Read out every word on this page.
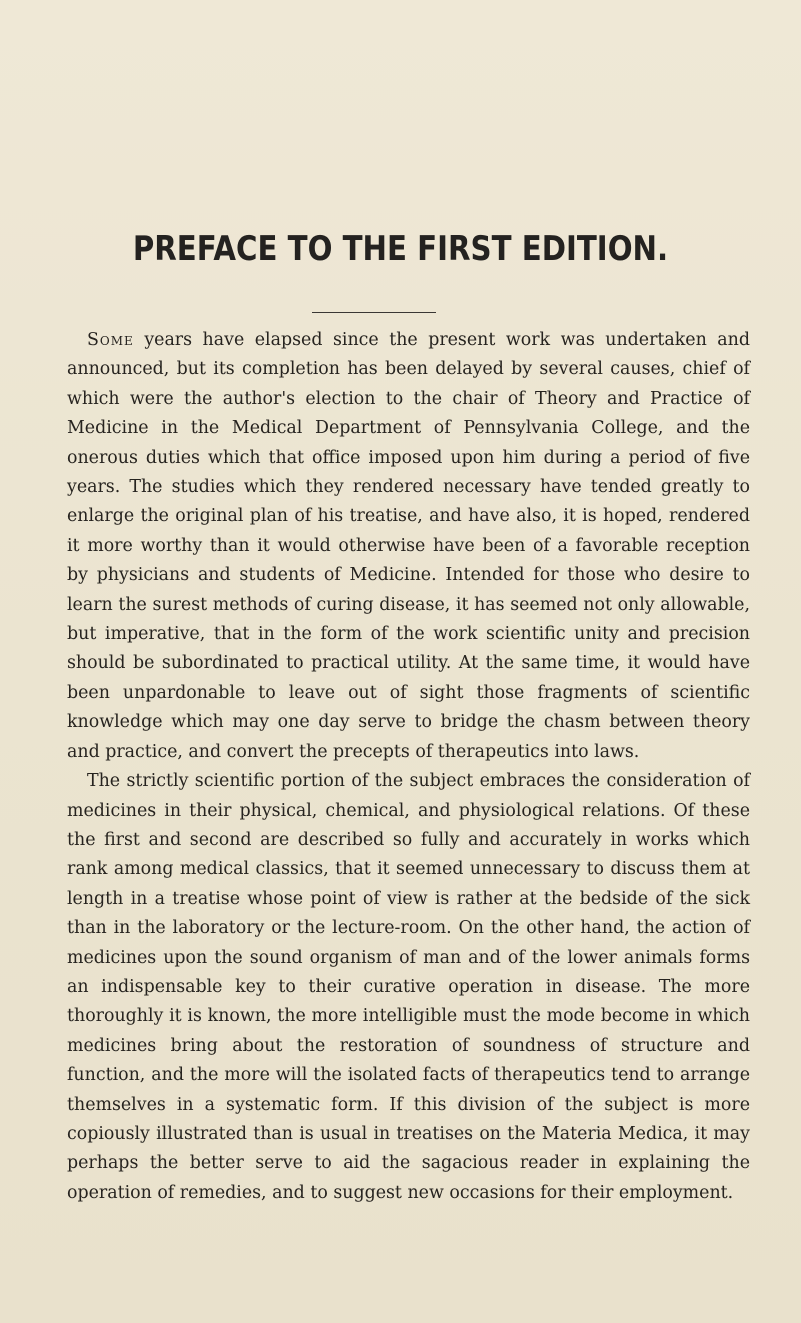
PREFACE TO THE FIRST EDITION.

Some years have elapsed since the present work was undertaken and announced, but its completion has been delayed by several causes, chief of which were the author's election to the chair of Theory and Practice of Medicine in the Medical Department of Pennsylvania College, and the onerous duties which that office imposed upon him during a period of five years. The studies which they rendered necessary have tended greatly to enlarge the original plan of his treatise, and have also, it is hoped, rendered it more worthy than it would otherwise have been of a favorable reception by physicians and students of Medicine. Intended for those who desire to learn the surest methods of curing disease, it has seemed not only allowable, but imperative, that in the form of the work scientific unity and precision should be subordinated to practical utility. At the same time, it would have been unpardonable to leave out of sight those fragments of scientific knowledge which may one day serve to bridge the chasm between theory and practice, and convert the precepts of therapeutics into laws.

The strictly scientific portion of the subject embraces the consideration of medicines in their physical, chemical, and physiological relations. Of these the first and second are described so fully and accurately in works which rank among medical classics, that it seemed unnecessary to discuss them at length in a treatise whose point of view is rather at the bedside of the sick than in the laboratory or the lecture-room. On the other hand, the action of medicines upon the sound organism of man and of the lower animals forms an indispensable key to their curative operation in disease. The more thoroughly it is known, the more intelligible must the mode become in which medicines bring about the restoration of soundness of structure and function, and the more will the isolated facts of therapeutics tend to arrange themselves in a systematic form. If this division of the subject is more copiously illustrated than is usual in treatises on the Materia Medica, it may perhaps the better serve to aid the sagacious reader in explaining the operation of remedies, and to suggest new occasions for their employment.
